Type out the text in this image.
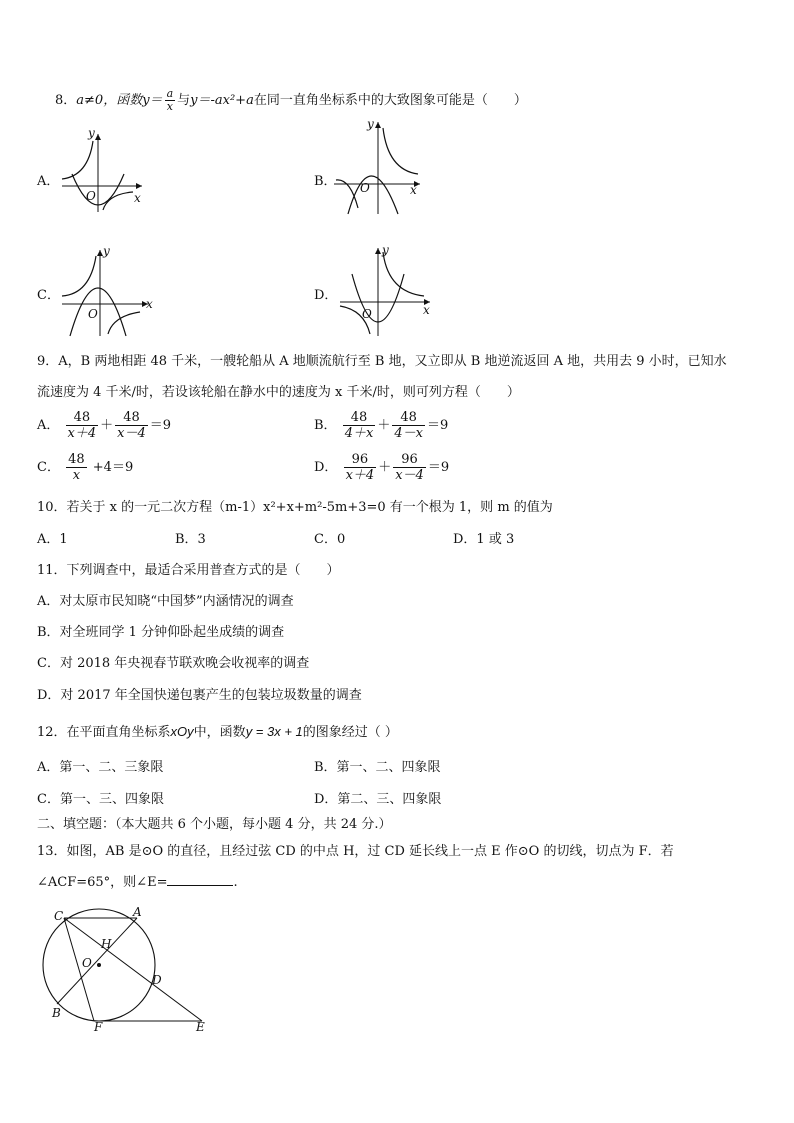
8．a≠0，函数$y= \frac{a}{x}$ 与y＝-ax²+a在同一直角坐标系中的大致图象可能是（　　）
A．	B．
C．	D．
y
x
O
y
x
O
y
x
O
y
x
O
9．A，B 两地相距 48 千米，一艘轮船从 A 地顺流航行至 B 地，又立即从 B 地逆流返回 A 地，共用去 9 小时，已知水
流速度为 4 千米/时，若设该轮船在静水中的速度为 x 千米/时，则可列方程（　　）
A． $\frac{48}{x+4} + \frac{48}{x-4} =9$	B． $\frac{48}{4+x} + \frac{48}{4-x} =9$
C． $\frac{48}{x} +4=9$	D． $\frac{96}{x+4} + \frac{96}{x-4} =9$
10．若关于 x 的一元二次方程（m-1）x²+x+m²-5m+3=0 有一个根为 1，则 m 的值为
A．1	B．3	C．0	D．1 或 3
11．下列调查中，最适合采用普查方式的是（　　）
A．对太原市民知晓“中国梦”内涵情况的调查
B．对全班同学 1 分钟仰卧起坐成绩的调查
C．对 2018 年央视春节联欢晚会收视率的调查
D．对 2017 年全国快递包裹产生的包装垃圾数量的调查
12．在平面直角坐标系xOy中，函数y = 3x + 1的图象经过（ ）
A．第一、二、三象限	B．第一、二、四象限
C．第一、三、四象限	D．第二、三、四象限
二、填空题：（本大题共 6 个小题，每小题 4 分，共 24 分.）
13．如图，AB 是⊙O 的直径，且经过弦 CD 的中点 H，过 CD 延长线上一点 E 作⊙O 的切线，切点为 F．若
∠ACF=65°，则∠E=	.
C	A
H
O
D
B
F	E
